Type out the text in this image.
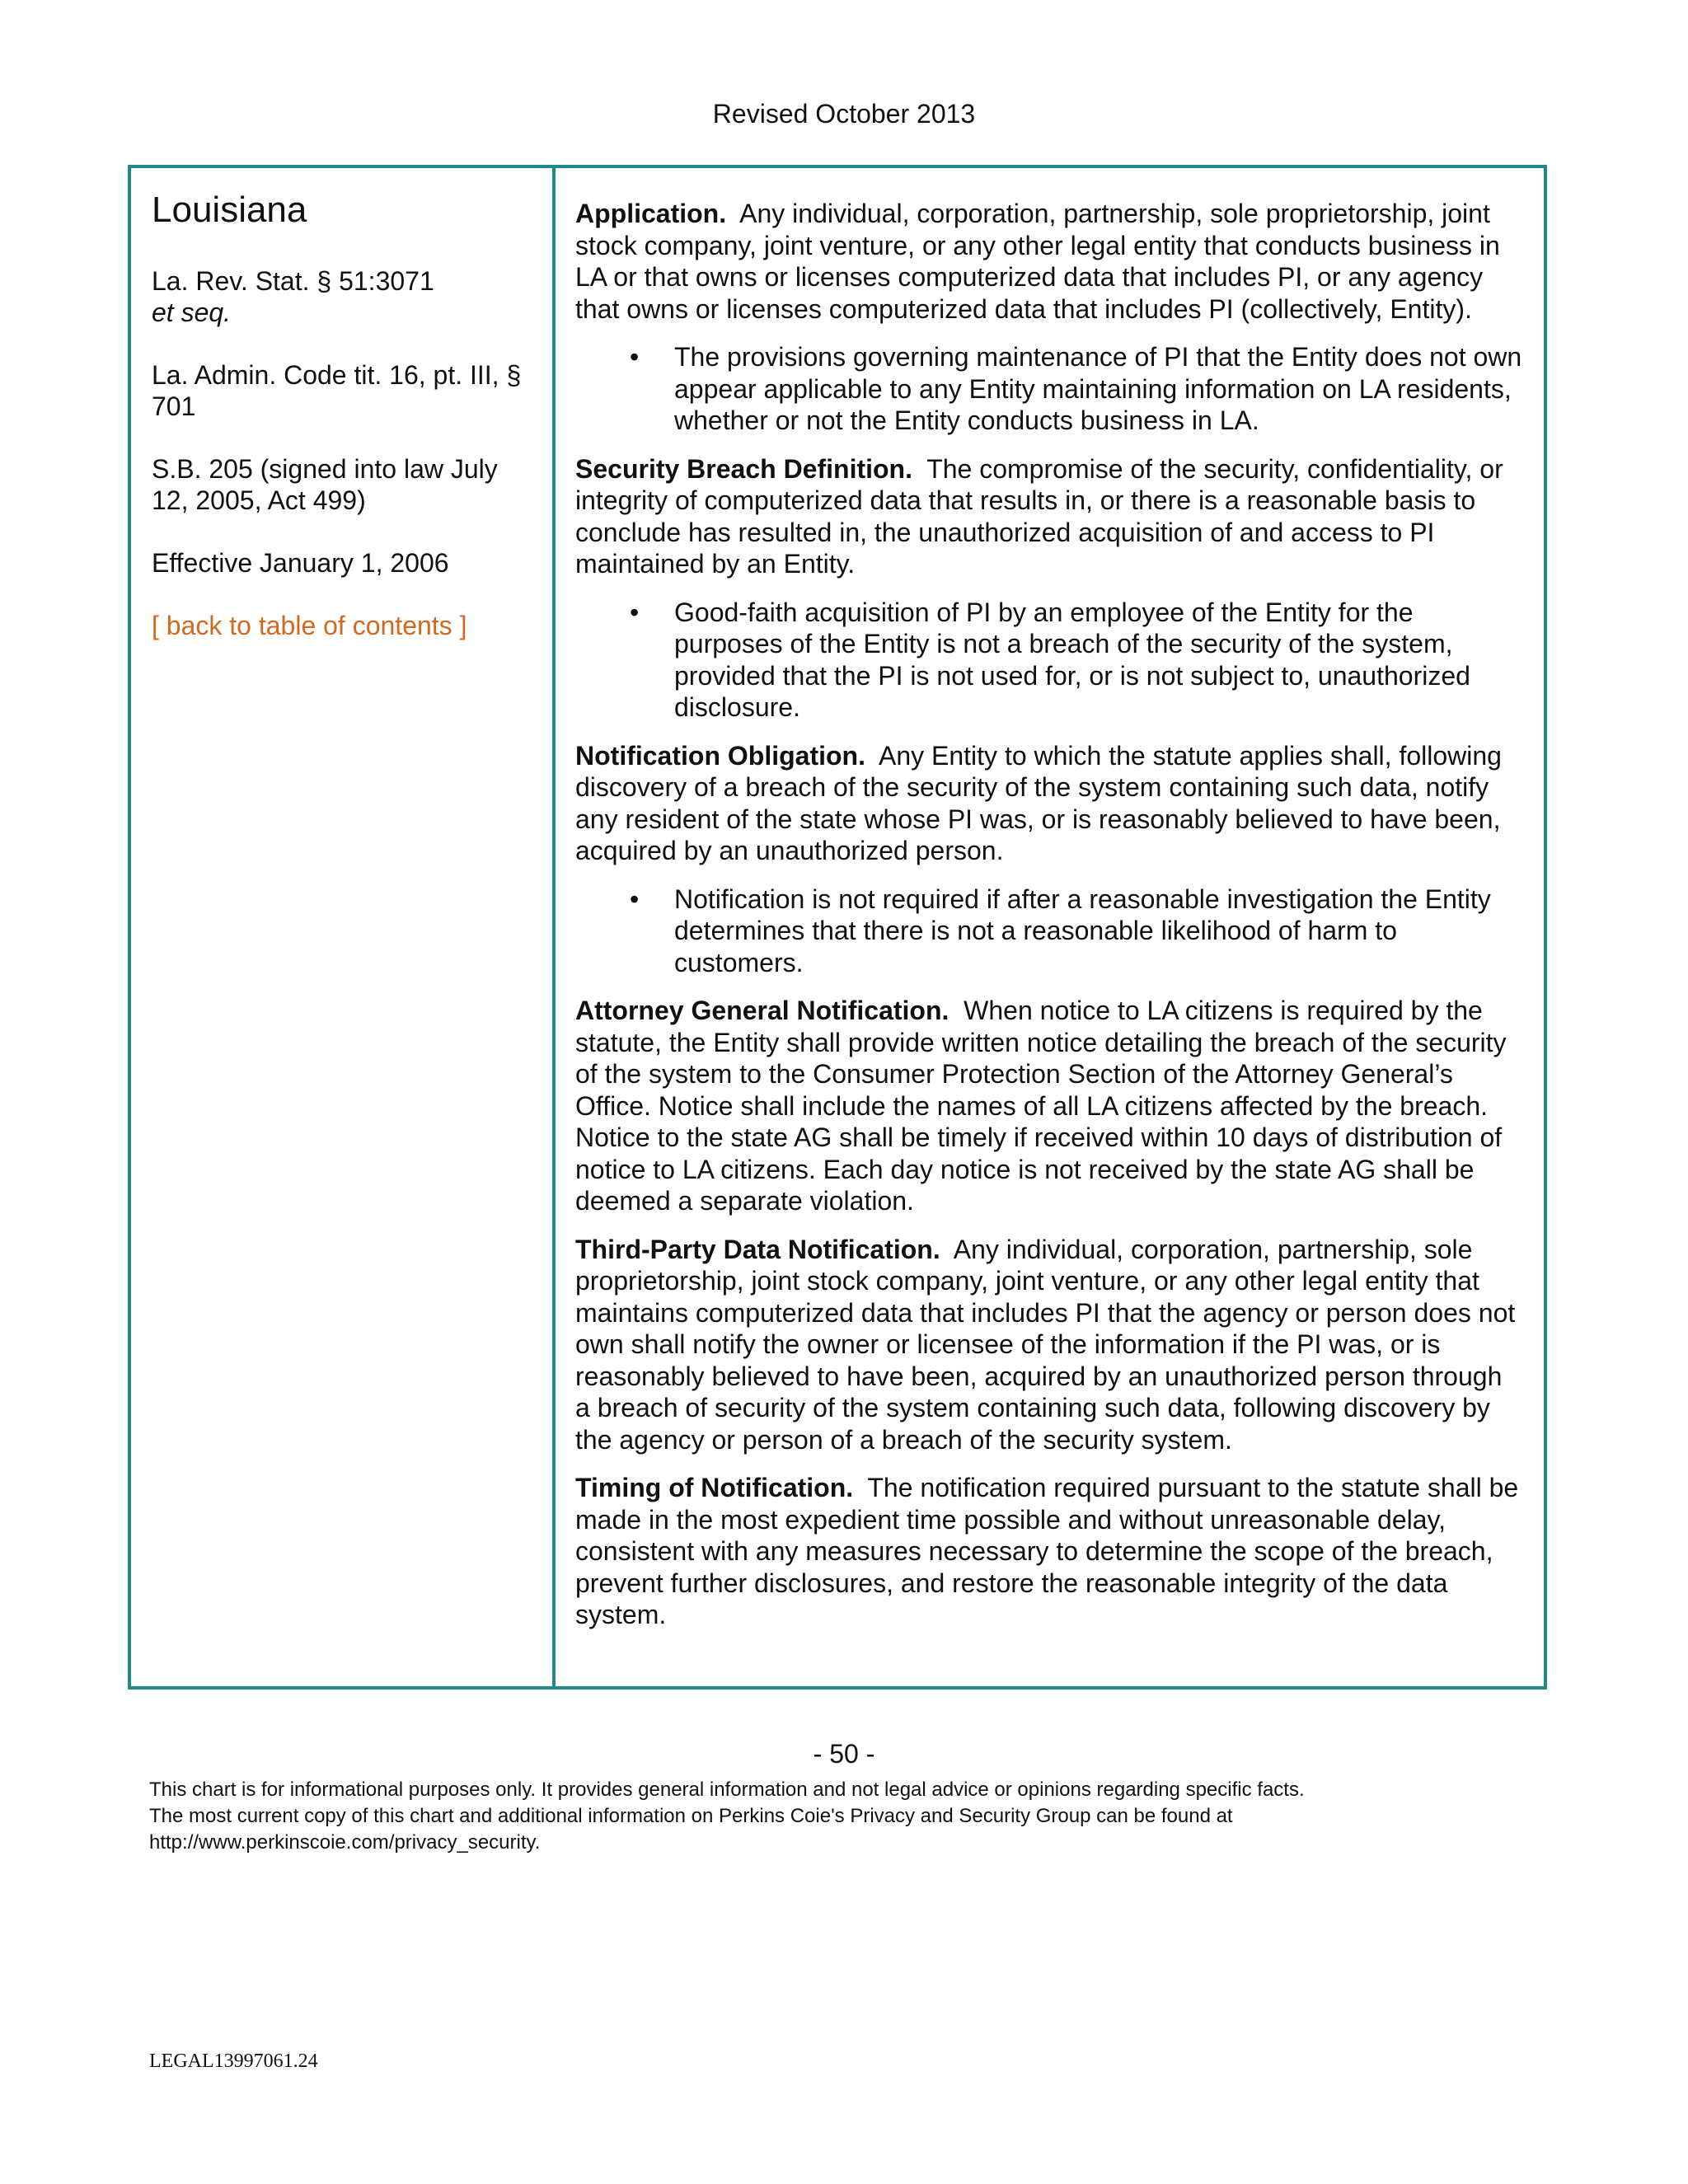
Revised October 2013
Louisiana
La. Rev. Stat. § 51:3071
et seq.
La. Admin. Code tit. 16, pt. III, § 701
S.B. 205 (signed into law July 12, 2005, Act 499)
Effective January 1, 2006
[ back to table of contents ]

Application. Any individual, corporation, partnership, sole proprietorship, joint stock company, joint venture, or any other legal entity that conducts business in LA or that owns or licenses computerized data that includes PI, or any agency that owns or licenses computerized data that includes PI (collectively, Entity).

• The provisions governing maintenance of PI that the Entity does not own appear applicable to any Entity maintaining information on LA residents, whether or not the Entity conducts business in LA.

Security Breach Definition. The compromise of the security, confidentiality, or integrity of computerized data that results in, or there is a reasonable basis to conclude has resulted in, the unauthorized acquisition of and access to PI maintained by an Entity.

• Good-faith acquisition of PI by an employee of the Entity for the purposes of the Entity is not a breach of the security of the system, provided that the PI is not used for, or is not subject to, unauthorized disclosure.

Notification Obligation. Any Entity to which the statute applies shall, following discovery of a breach of the security of the system containing such data, notify any resident of the state whose PI was, or is reasonably believed to have been, acquired by an unauthorized person.

• Notification is not required if after a reasonable investigation the Entity determines that there is not a reasonable likelihood of harm to customers.

Attorney General Notification. When notice to LA citizens is required by the statute, the Entity shall provide written notice detailing the breach of the security of the system to the Consumer Protection Section of the Attorney General’s Office. Notice shall include the names of all LA citizens affected by the breach. Notice to the state AG shall be timely if received within 10 days of distribution of notice to LA citizens. Each day notice is not received by the state AG shall be deemed a separate violation.

Third-Party Data Notification. Any individual, corporation, partnership, sole proprietorship, joint stock company, joint venture, or any other legal entity that maintains computerized data that includes PI that the agency or person does not own shall notify the owner or licensee of the information if the PI was, or is reasonably believed to have been, acquired by an unauthorized person through a breach of security of the system containing such data, following discovery by the agency or person of a breach of the security system.

Timing of Notification. The notification required pursuant to the statute shall be made in the most expedient time possible and without unreasonable delay, consistent with any measures necessary to determine the scope of the breach, prevent further disclosures, and restore the reasonable integrity of the data system.

- 50 -
This chart is for informational purposes only. It provides general information and not legal advice or opinions regarding specific facts.
The most current copy of this chart and additional information on Perkins Coie's Privacy and Security Group can be found at
http://www.perkinscoie.com/privacy_security.
LEGAL13997061.24
